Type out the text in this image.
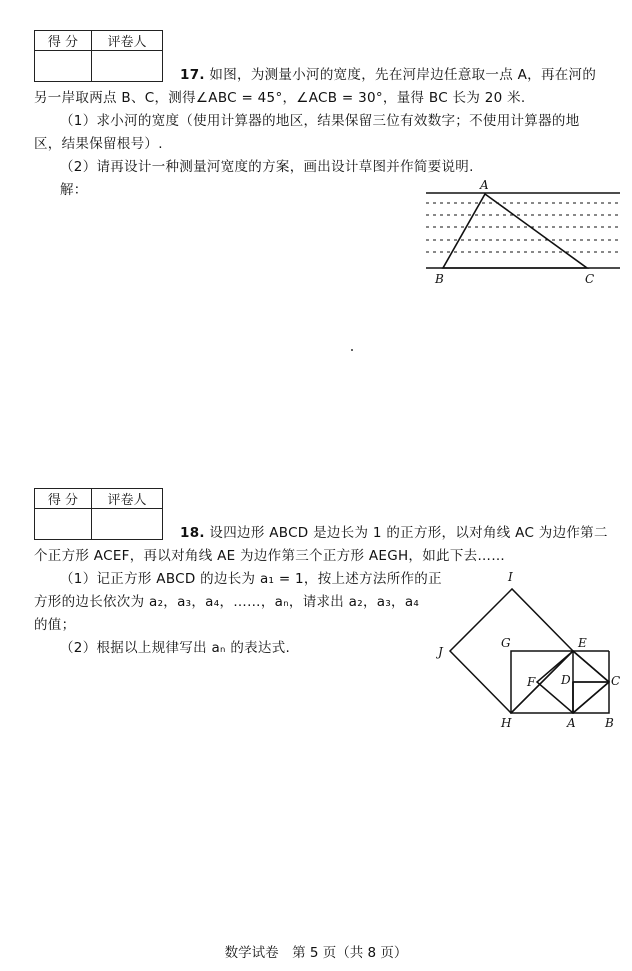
得 分	评卷人

17. 如图，为测量小河的宽度，先在河岸边任意取一点 A，再在河的
另一岸取两点 B、C，测得∠ABC = 45°，∠ACB = 30°，量得 BC 长为 20 米.
（1）求小河的宽度（使用计算器的地区，结果保留三位有效数字；不使用计算器的地
区，结果保留根号）.
（2）请再设计一种测量河宽度的方案，画出设计草图并作简要说明.
解：	A
B	C
得 分	评卷人

18. 设四边形 ABCD 是边长为 1 的正方形，以对角线 AC 为边作第二
个正方形 ACEF，再以对角线 AE 为边作第三个正方形 AEGH，如此下去……
（1）记正方形 ABCD 的边长为 a₁ = 1，按上述方法所作的正
方形的边长依次为 a₂，a₃，a₄，……，aₙ，请求出 a₂，a₃，a₄
的值；
（2）根据以上规律写出 aₙ 的表达式.
I
J
G	E
F D	C
H	A B
数学试卷　第 5 页（共 8 页）
